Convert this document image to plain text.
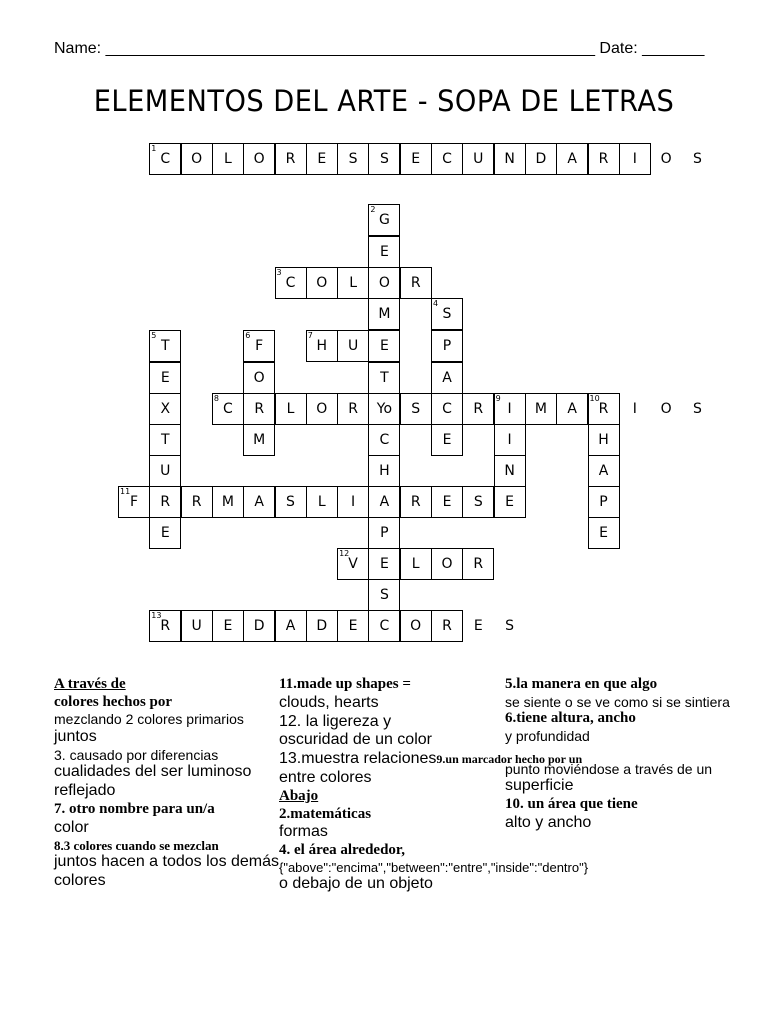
Name: _______________________________________________________ Date: _______
ELEMENTOS DEL ARTE - SOPA DE LETRAS
C
1
O L O R E S S E C U N D A R I O S
G
2
E
O
M
E
T
Yo
C
H
A
P
E
S
C
3
O L	R
S
4
P
A
C
E
T
5
E
X
T
U
R
E
F
6
O
R
M
H
7
U
C
8
L O R	S	R I
9
M A R
10
I O S
I
N
E
H
A
P
E
F
11
R M A S L I	R E S
V
12
L O R
R
13
U E D A D E C O R E S
A través de
colores hechos por
mezclando 2 colores primarios
juntos
3. causado por diferencias
cualidades del ser luminoso
reflejado
7. otro nombre para un/a
color
8.3 colores cuando se mezclan
juntos hacen a todos los demás
colores
11.made up shapes =
clouds, hearts
12. la ligereza y
oscuridad de un color
13.muestra relaciones9.un marcador hecho por un
entre colores
Abajo
2.matemáticas
formas
4. el área alrededor,
{"above":"encima","between":"entre","inside":"dentro"}
o debajo de un objeto
5.la manera en que algo
se siente o se ve como si se sintiera
6.tiene altura, ancho
y profundidad

punto moviéndose a través de un
superficie
10. un área que tiene
alto y ancho
